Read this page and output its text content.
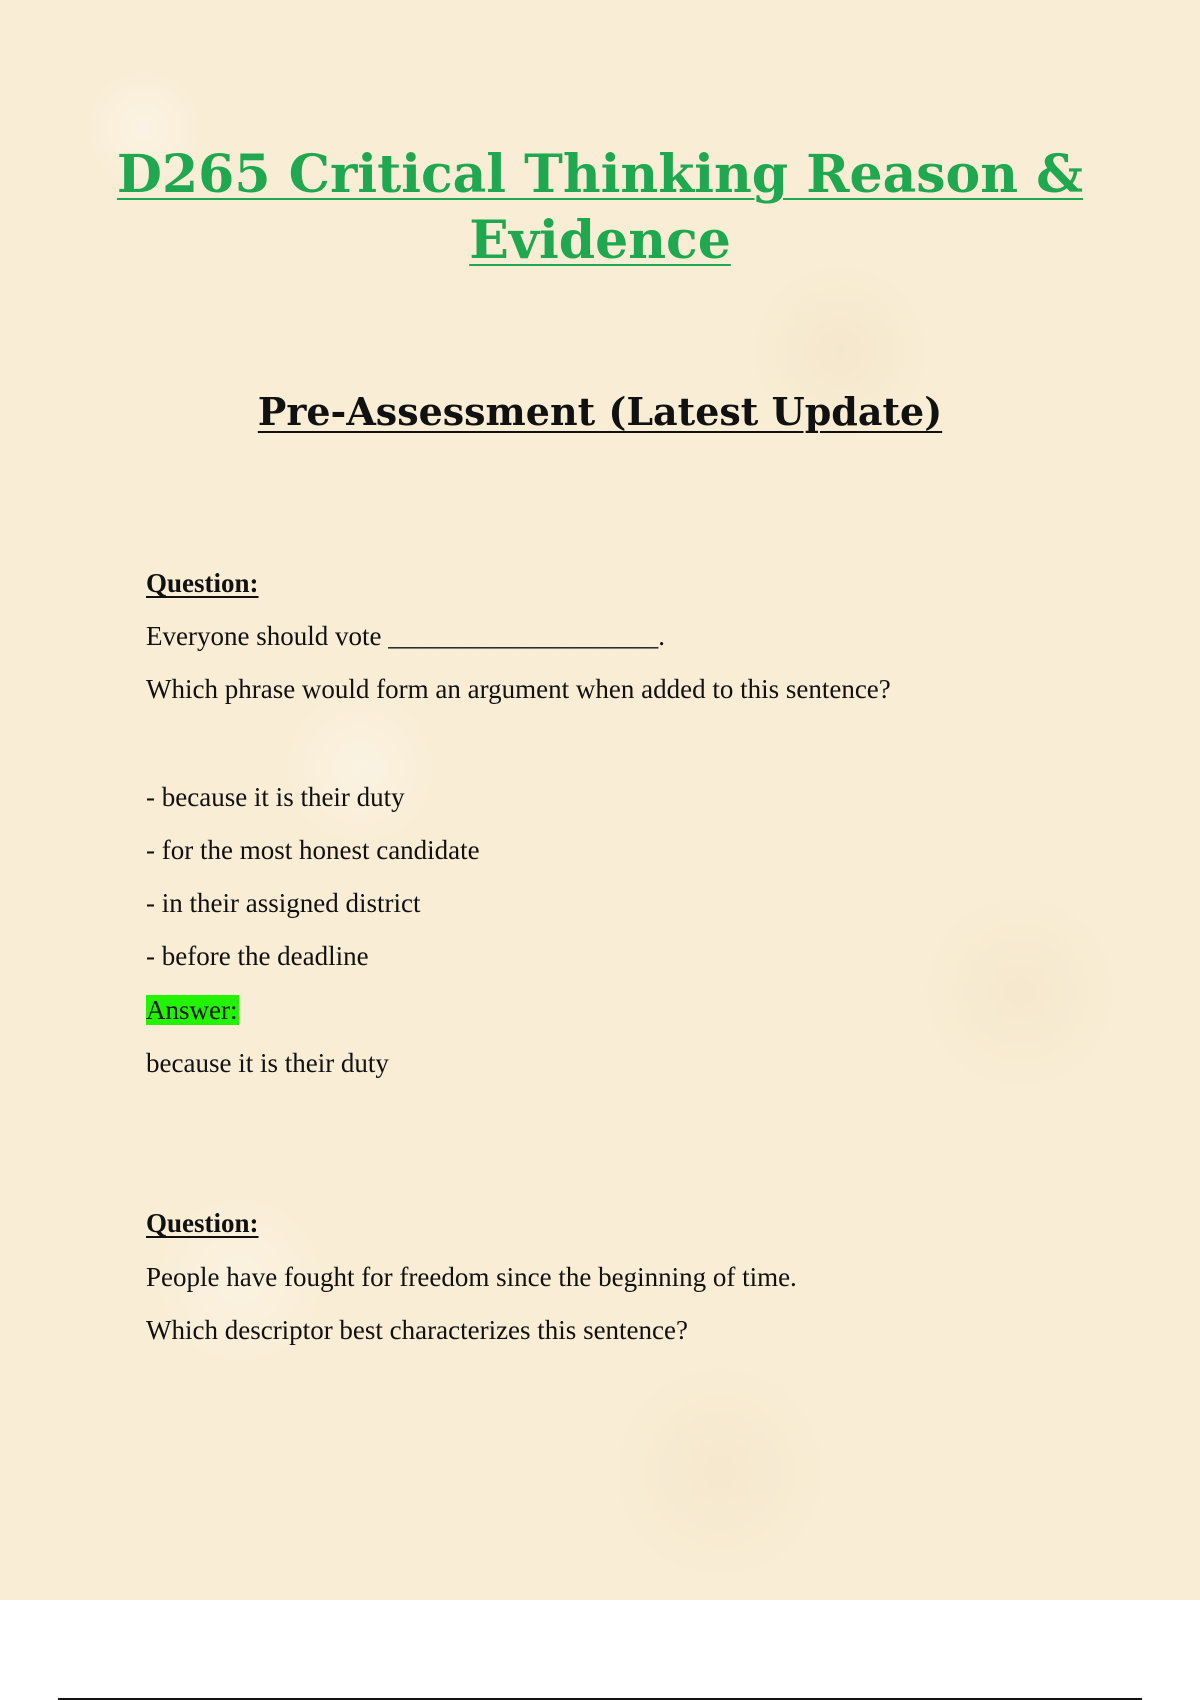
D265 Critical Thinking Reason &
Evidence
Pre-Assessment (Latest Update)

Question:

Everyone should vote ____________________.

Which phrase would form an argument when added to this sentence?

- because it is their duty

- for the most honest candidate

- in their assigned district

- before the deadline

Answer:

because it is their duty

Question:

People have fought for freedom since the beginning of time.

Which descriptor best characterizes this sentence?
